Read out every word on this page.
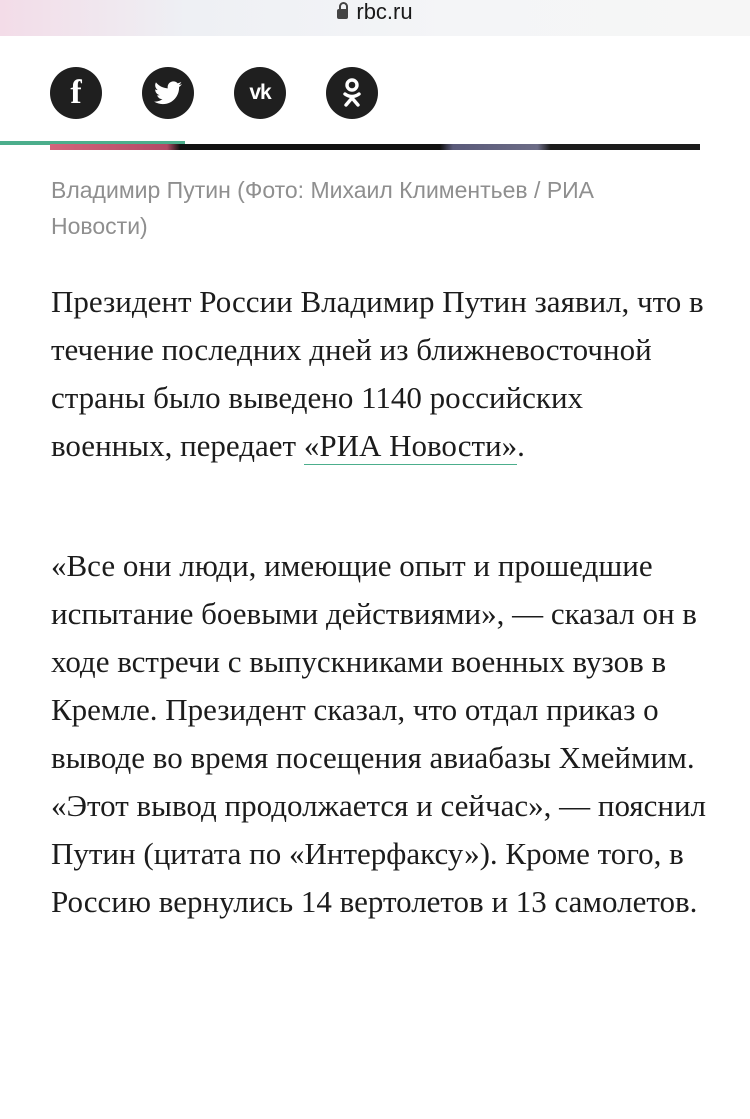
rbc.ru
f	vk
Владимир Путин (Фото: Михаил Климентьев / РИА Новости)

Президент России Владимир Путин заявил, что в течение последних дней из ближневосточной страны было выведено 1140 российских военных, передает «РИА Новости».

«Все они люди, имеющие опыт и прошедшие испытание боевыми действиями», — сказал он в ходе встречи с выпускниками военных вузов в Кремле. Президент сказал, что отдал приказ о выводе во время посещения авиабазы Хмеймим. «Этот вывод продолжается и сейчас», — пояснил Путин (цитата по «Интерфаксу»). Кроме того, в Россию вернулись 14 вертолетов и 13 самолетов.
